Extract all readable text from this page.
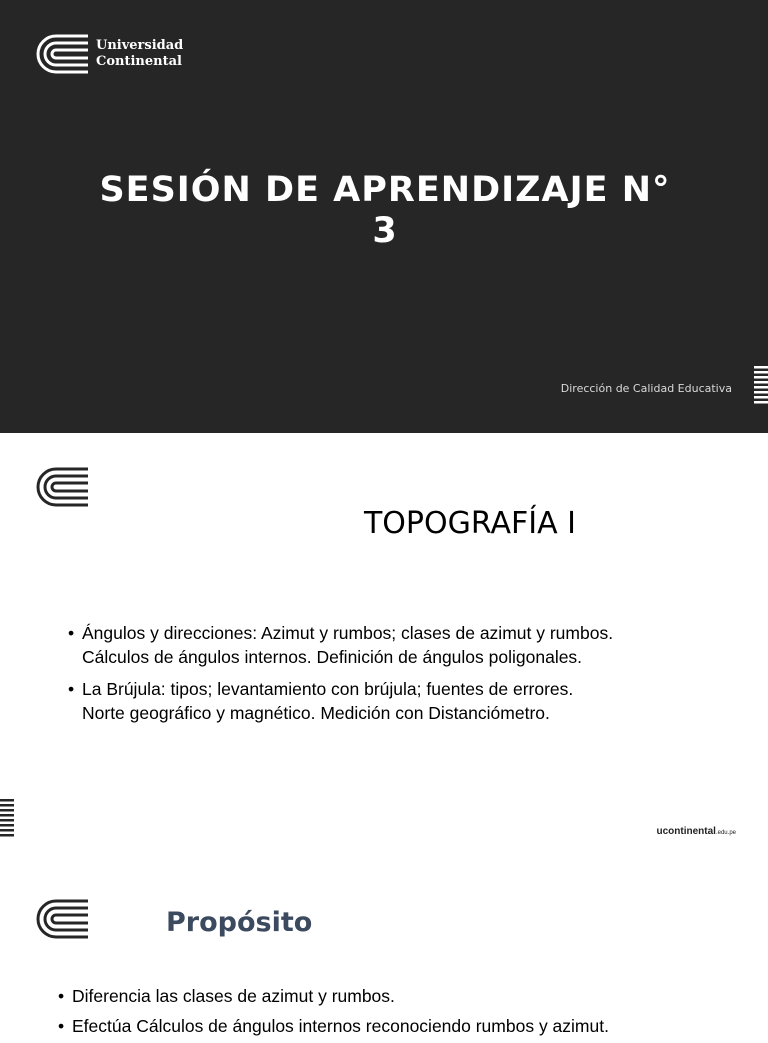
Universidad
Continental
SESIÓN DE APRENDIZAJE N°
3
Dirección de Calidad Educativa
TOPOGRAFÍA I
• Ángulos y direcciones: Azimut y rumbos; clases de azimut y rumbos.
Cálculos de ángulos internos. Definición de ángulos poligonales.
• La Brújula: tipos; levantamiento con brújula; fuentes de errores.
Norte geográfico y magnético. Medición con Distanciómetro.
ucontinental.edu.pe
Propósito
• Diferencia las clases de azimut y rumbos.
• Efectúa Cálculos de ángulos internos reconociendo rumbos y azimut.
